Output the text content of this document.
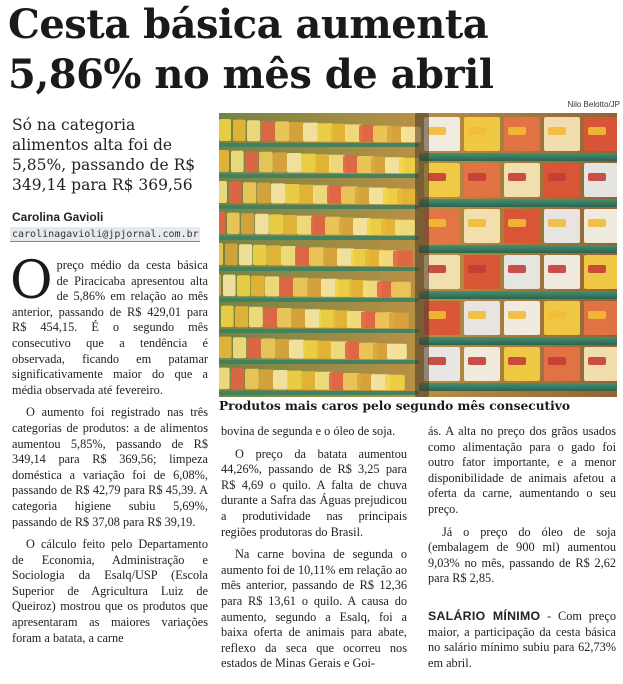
Cesta básica aumenta
5,86% no mês de abril
Só na categoria alimentos alta foi de 5,85%, passando de R$ 349,14 para R$ 369,56
Carolina Gavioli
carolinagavioli@jpjornal.com.br
Nilo Belotto/JP
Produtos mais caros pelo segundo mês consecutivo

Opreço médio da cesta básica de Piracicaba apresentou alta de 5,86% em relação ao mês anterior, passando de R$ 429,01 para R$ 454,15. É o segundo mês consecutivo que a tendência é observada, ficando em patamar significativamente maior do que a média observada até fevereiro.

O aumento foi registrado nas três categorias de produtos: a de alimentos aumentou 5,85%, passando de R$ 349,14 para R$ 369,56; limpeza doméstica a variação foi de 6,08%, passando de R$ 42,79 para R$ 45,39. A categoria higiene subiu 5,69%, passando de R$ 37,08 para R$ 39,19.

O cálculo feito pelo Departamento de Economia, Administração e Sociologia da Esalq/USP (Escola Superior de Agricultura Luiz de Queiroz) mostrou que os produtos que apresentaram as maiores variações foram a batata, a carne

bovina de segunda e o óleo de soja.

O preço da batata aumentou 44,26%, passando de R$ 3,25 para R$ 4,69 o quilo. A falta de chuva durante a Safra das Águas prejudicou a produtividade nas principais regiões produtoras do Brasil.

Na carne bovina de segunda o aumento foi de 10,11% em relação ao mês anterior, passando de R$ 12,36 para R$ 13,61 o quilo. A causa do aumento, segundo a Esalq, foi a baixa oferta de animais para abate, reflexo da seca que ocorreu nos estados de Minas Gerais e Goi-

ás. A alta no preço dos grãos usados como alimentação para o gado foi outro fator importante, e a menor disponibilidade de animais afetou a oferta da carne, aumentando o seu preço.

Já o preço do óleo de soja (embalagem de 900 ml) aumentou 9,03% no mês, passando de R$ 2,62 para R$ 2,85.

SALÁRIO MÍNIMO - Com preço maior, a participação da cesta básica no salário mínimo subiu para 62,73% em abril.
